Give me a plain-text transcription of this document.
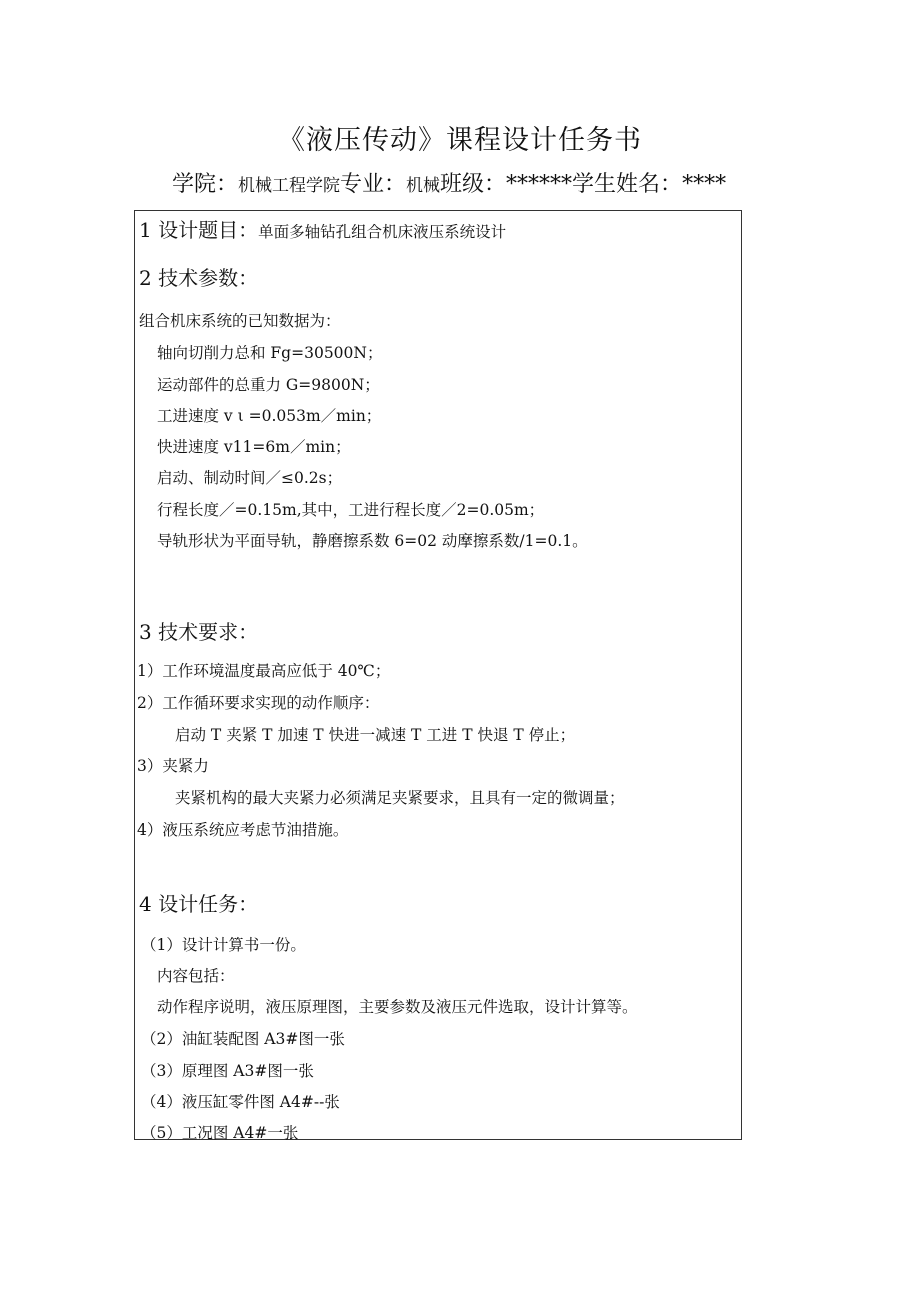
《液压传动》课程设计任务书
学院：机械工程学院专业：机械班级：******学生姓名：****
1 设计题目：单面多轴钻孔组合机床液压系统设计
2 技术参数：
组合机床系统的已知数据为：
轴向切削力总和 Fg=30500N；
运动部件的总重力 G=9800N；
工进速度 v ι =0.053m／min；
快进速度 v11=6m／min；
启动、制动时间／≤0.2s；
行程长度／=0.15m,其中，工进行程长度／2=0.05m；
导轨形状为平面导轨，静磨擦系数 6=02 动摩擦系数/1=0.1。
3 技术要求：
1）工作环境温度最高应低于 40℃；
2）工作循环要求实现的动作顺序：
启动 T 夹紧 T 加速 T 快进一减速 T 工进 T 快退 T 停止；
3）夹紧力
夹紧机构的最大夹紧力必须满足夹紧要求，且具有一定的微调量；
4）液压系统应考虑节油措施。
4 设计任务：
（1）设计计算书一份。
内容包括：
动作程序说明，液压原理图，主要参数及液压元件选取，设计计算等。
（2）油缸装配图 A3#图一张
（3）原理图 A3#图一张
（4）液压缸零件图 A4#--张
（5）工况图 A4#一张
